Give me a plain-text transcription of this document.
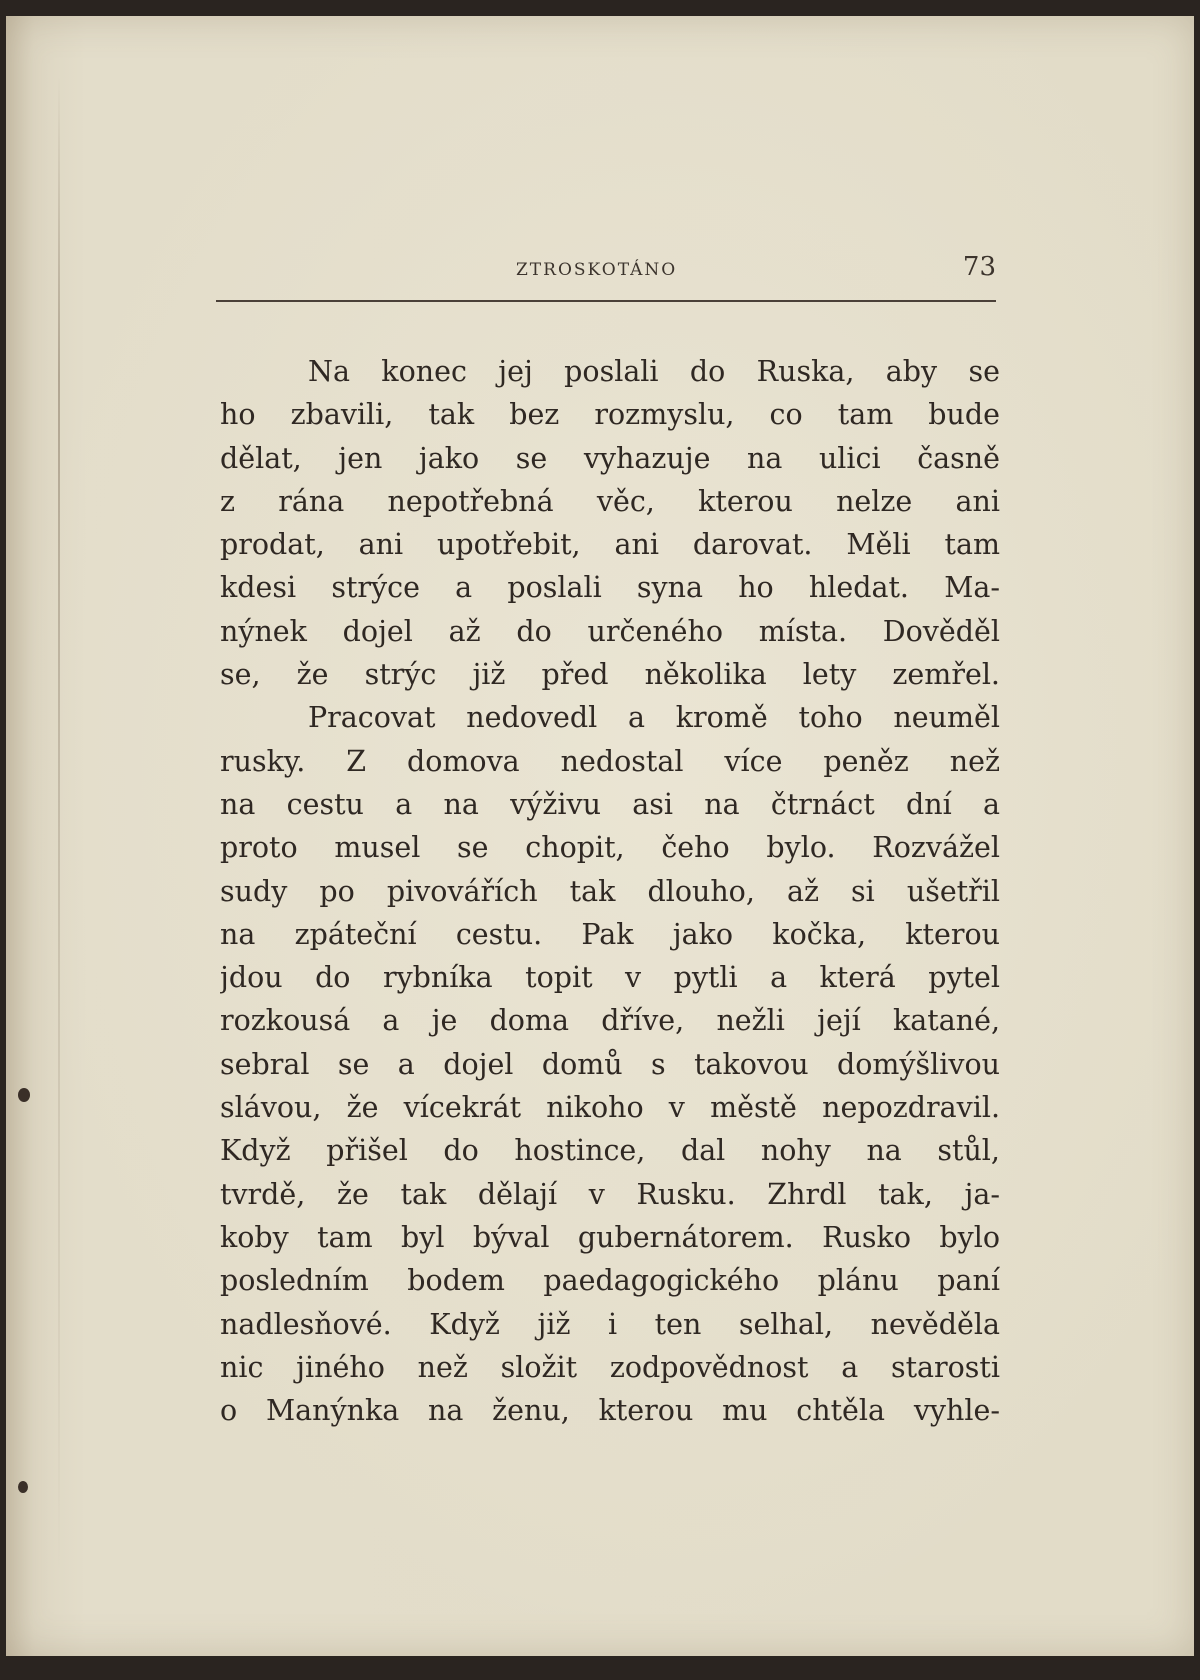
ZTROSKOTÁNO	73
Na konec jej poslali do Ruska, aby se
ho zbavili, tak bez rozmyslu, co tam bude
dělat, jen jako se vyhazuje na ulici časně
z rána nepotřebná věc, kterou nelze ani
prodat, ani upotřebit, ani darovat. Měli tam
kdesi strýce a poslali syna ho hledat. Ma-
nýnek dojel až do určeného místa. Dověděl
se, že strýc již před několika lety zemřel.
Pracovat nedovedl a kromě toho neuměl
rusky. Z domova nedostal více peněz než
na cestu a na výživu asi na čtrnáct dní a
proto musel se chopit, čeho bylo. Rozvážel
sudy po pivovářích tak dlouho, až si ušetřil
na zpáteční cestu. Pak jako kočka, kterou
jdou do rybníka topit v pytli a která pytel
rozkousá a je doma dříve, nežli její katané,
sebral se a dojel domů s takovou domýšlivou
slávou, že vícekrát nikoho v městě nepozdravil.
Když přišel do hostince, dal nohy na stůl,
tvrdě, že tak dělají v Rusku. Zhrdl tak, ja-
koby tam byl býval gubernátorem. Rusko bylo
posledním bodem paedagogického plánu paní
nadlesňové. Když již i ten selhal, nevěděla
nic jiného než složit zodpovědnost a starosti
o Manýnka na ženu, kterou mu chtěla vyhle-
